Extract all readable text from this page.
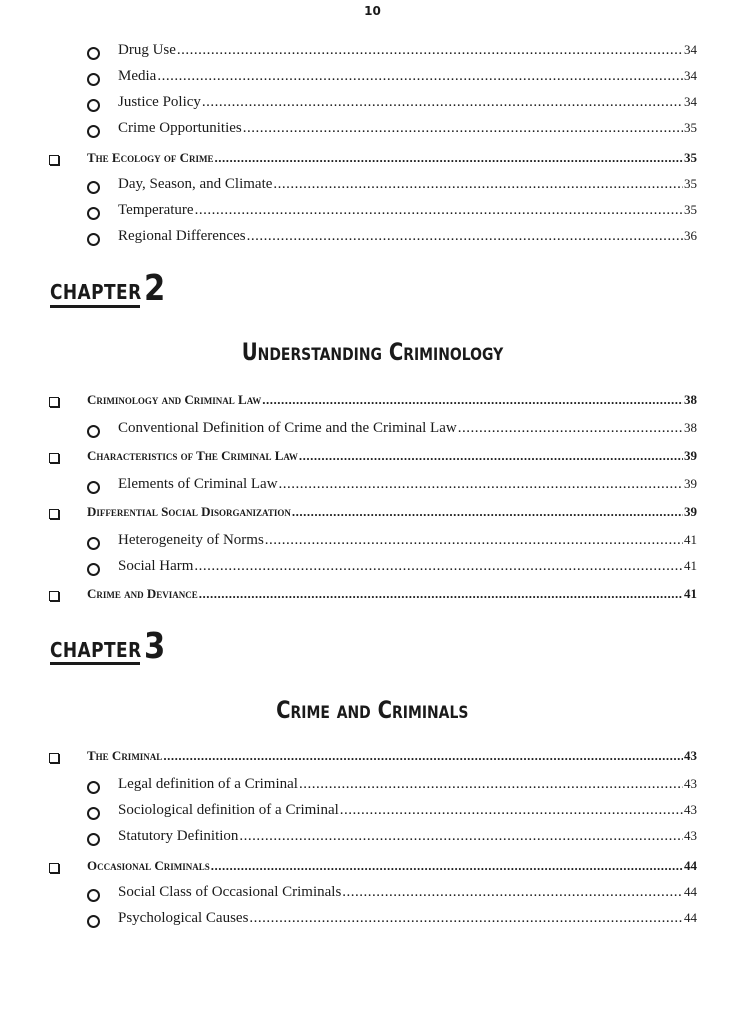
10
Drug Use .....	34
Media .....	34
Justice Policy .....	34
Crime Opportunities .....	35
The Ecology of Crime .....	35
Day, Season, and Climate .....	35
Temperature .....	35
Regional Differences .....	36
CHAPTER 2
Understanding Criminology
Criminology and Criminal Law .....	38
Conventional Definition of Crime and the Criminal Law .....	38
Characteristics of The Criminal Law .....	39
Elements of Criminal Law .....	39
Differential Social Disorganization .....	39
Heterogeneity of Norms .....	41
Social Harm .....	41
Crime and Deviance .....	41
CHAPTER 3
Crime and Criminals
The Criminal .....	43
Legal definition of a Criminal .....	43
Sociological definition of a Criminal .....	43
Statutory Definition .....	43
Occasional Criminals .....	44
Social Class of Occasional Criminals .....	44
Psychological Causes .....	44
